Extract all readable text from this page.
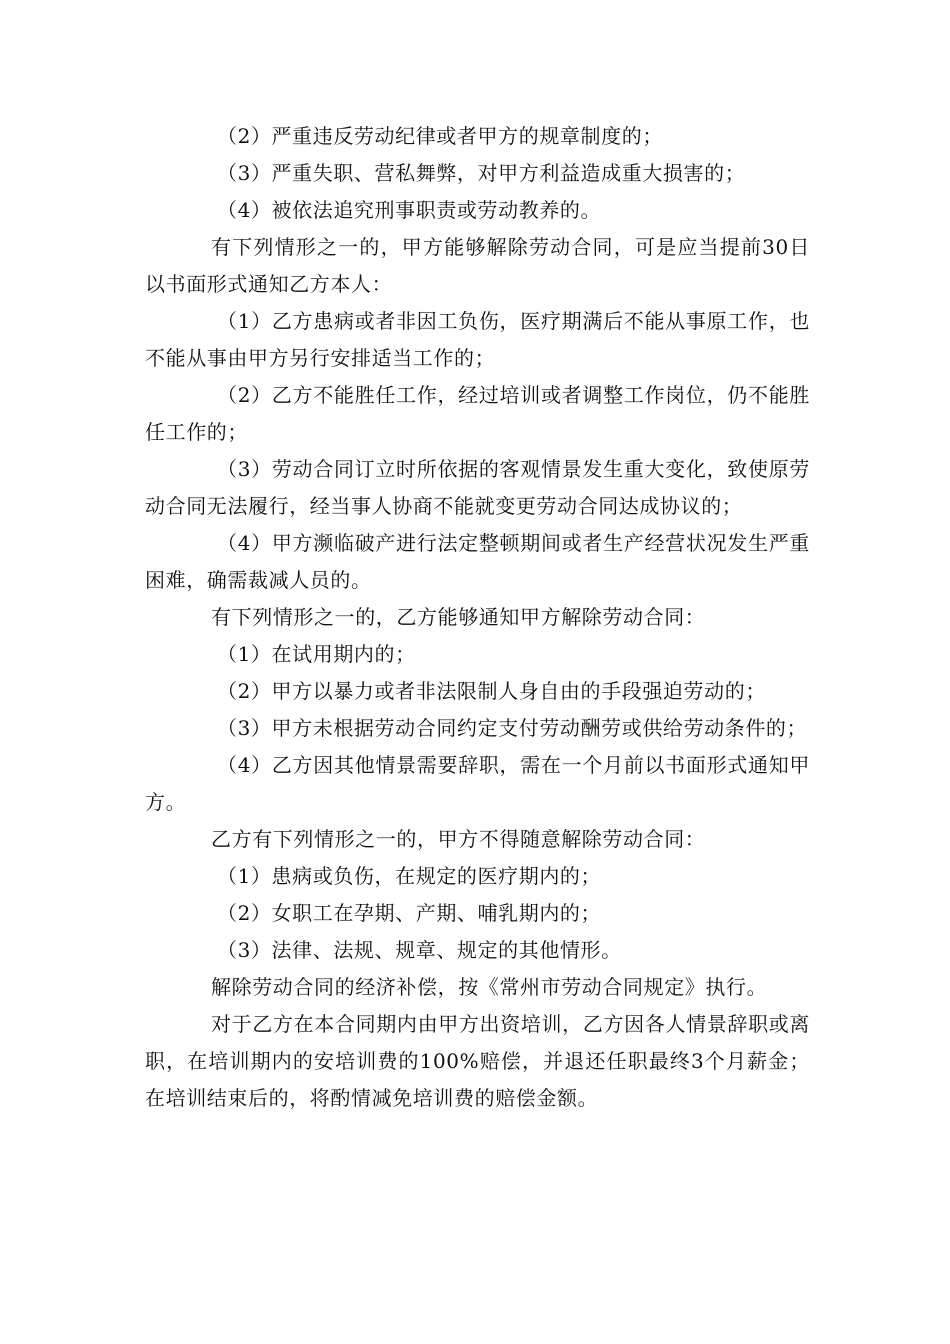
（2）严重违反劳动纪律或者甲方的规章制度的；

（3）严重失职、营私舞弊，对甲方利益造成重大损害的；

（4）被依法追究刑事职责或劳动教养的。

有下列情形之一的，甲方能够解除劳动合同，可是应当提前30日以书面形式通知乙方本人：

（1）乙方患病或者非因工负伤，医疗期满后不能从事原工作，也不能从事由甲方另行安排适当工作的；

（2）乙方不能胜任工作，经过培训或者调整工作岗位，仍不能胜任工作的；

（3）劳动合同订立时所依据的客观情景发生重大变化，致使原劳动合同无法履行，经当事人协商不能就变更劳动合同达成协议的；

（4）甲方濒临破产进行法定整顿期间或者生产经营状况发生严重困难，确需裁减人员的。

有下列情形之一的，乙方能够通知甲方解除劳动合同：

（1）在试用期内的；

（2）甲方以暴力或者非法限制人身自由的手段强迫劳动的；

（3）甲方未根据劳动合同约定支付劳动酬劳或供给劳动条件的；

（4）乙方因其他情景需要辞职，需在一个月前以书面形式通知甲方。

乙方有下列情形之一的，甲方不得随意解除劳动合同：

（1）患病或负伤，在规定的医疗期内的；

（2）女职工在孕期、产期、哺乳期内的；

（3）法律、法规、规章、规定的其他情形。

解除劳动合同的经济补偿，按《常州市劳动合同规定》执行。

对于乙方在本合同期内由甲方出资培训，乙方因各人情景辞职或离职，在培训期内的安培训费的100%赔偿，并退还任职最终3个月薪金；在培训结束后的，将酌情减免培训费的赔偿金额。
